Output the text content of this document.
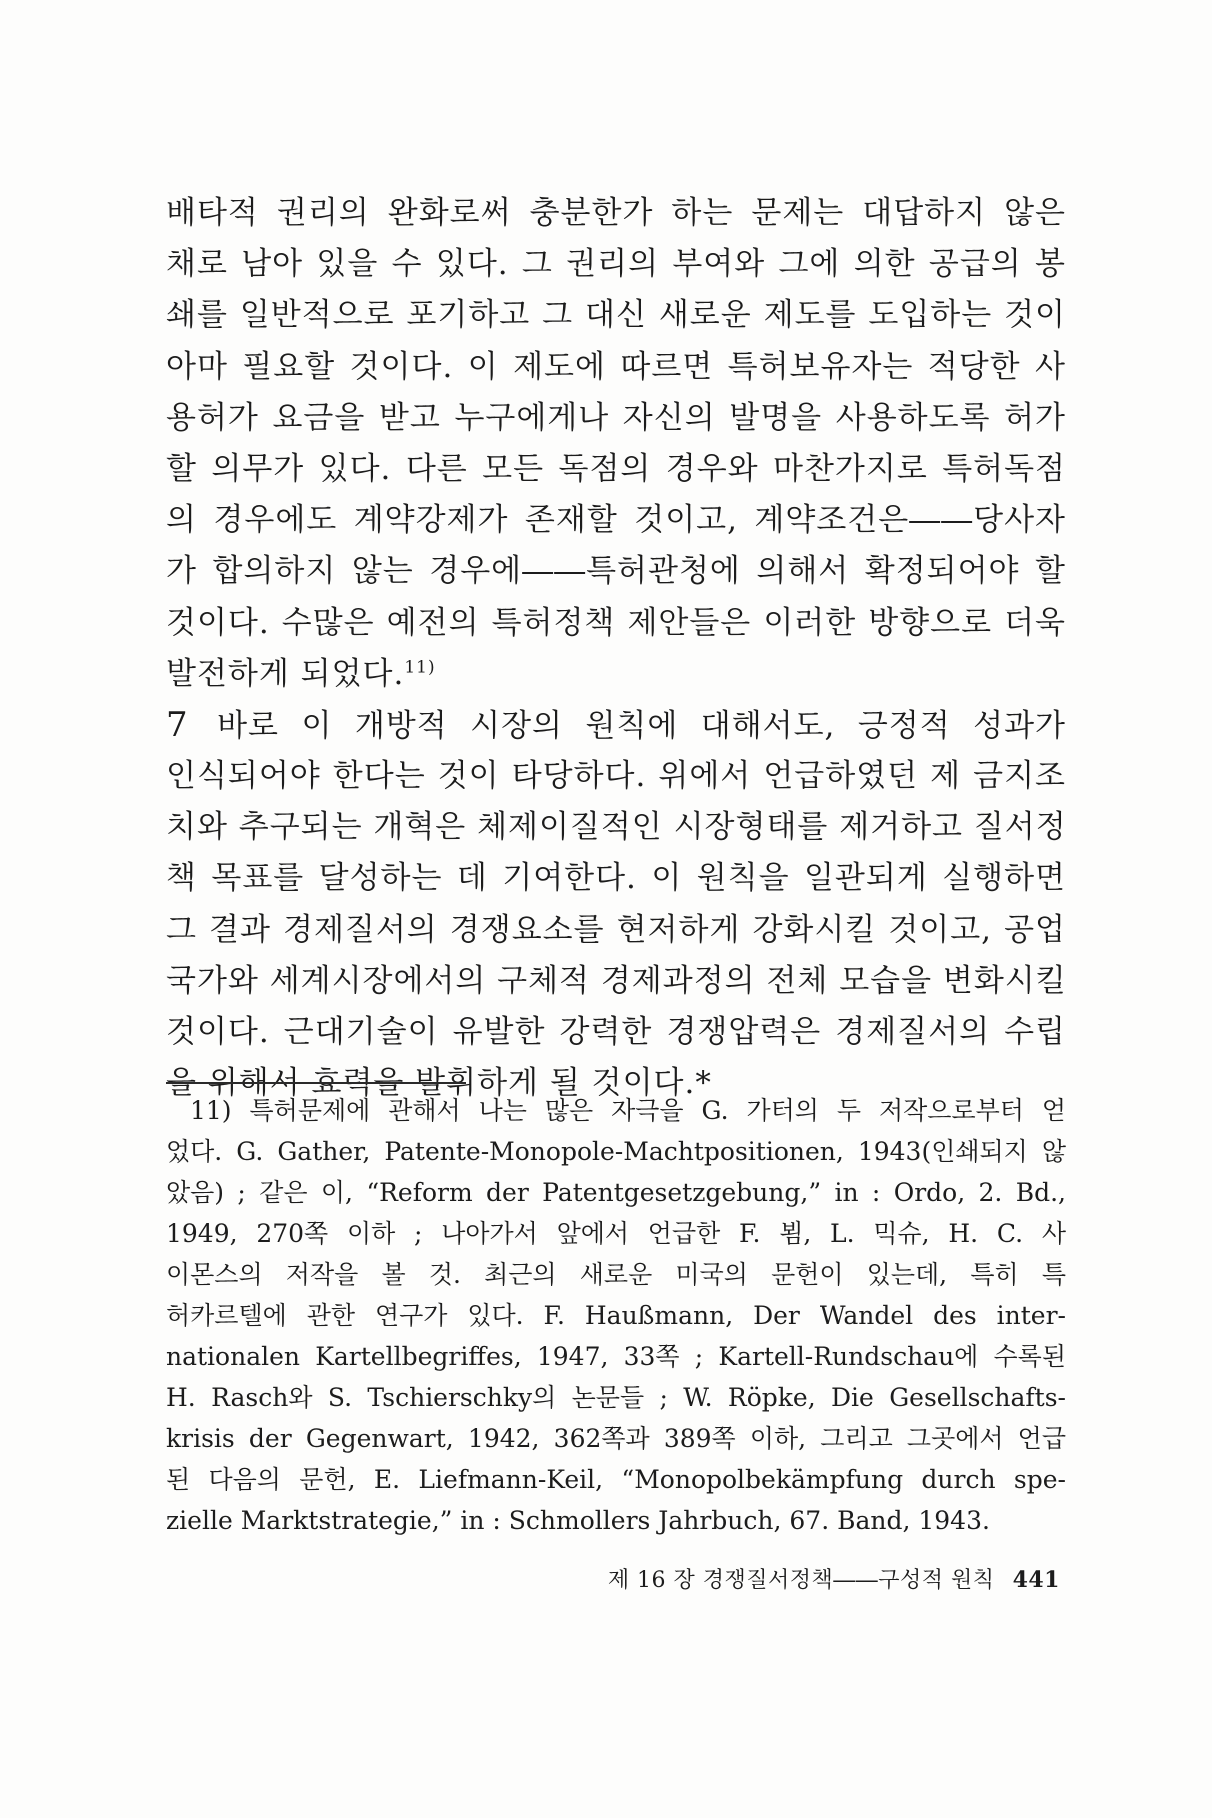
배타적 권리의 완화로써 충분한가 하는 문제는 대답하지 않은
채로 남아 있을 수 있다. 그 권리의 부여와 그에 의한 공급의 봉
쇄를 일반적으로 포기하고 그 대신 새로운 제도를 도입하는 것이
아마 필요할 것이다. 이 제도에 따르면 특허보유자는 적당한 사
용허가 요금을 받고 누구에게나 자신의 발명을 사용하도록 허가
할 의무가 있다. 다른 모든 독점의 경우와 마찬가지로 특허독점
의 경우에도 계약강제가 존재할 것이고, 계약조건은――당사자
가 합의하지 않는 경우에――특허관청에 의해서 확정되어야 할
것이다. 수많은 예전의 특허정책 제안들은 이러한 방향으로 더욱
발전하게 되었다.$^{11)}$
7 바로 이 개방적 시장의 원칙에 대해서도, 긍정적 성과가
인식되어야 한다는 것이 타당하다. 위에서 언급하였던 제 금지조
치와 추구되는 개혁은 체제이질적인 시장형태를 제거하고 질서정
책 목표를 달성하는 데 기여한다. 이 원칙을 일관되게 실행하면
그 결과 경제질서의 경쟁요소를 현저하게 강화시킬 것이고, 공업
국가와 세계시장에서의 구체적 경제과정의 전체 모습을 변화시킬
것이다. 근대기술이 유발한 강력한 경쟁압력은 경제질서의 수립
을 위해서 효력을 발휘하게 될 것이다.*
11) 특허문제에 관해서 나는 많은 자극을 G. 가터의 두 저작으로부터 얻
었다. G. Gather, Patente-Monopole-Machtpositionen, 1943(인쇄되지 않
았음) ; 같은 이, “Reform der Patentgesetzgebung,” in : Ordo, 2. Bd.,
1949, 270쪽 이하 ; 나아가서 앞에서 언급한 F. 뵘, L. 믹슈, H. C. 사
이몬스의 저작을 볼 것. 최근의 새로운 미국의 문헌이 있는데, 특히 특
허카르텔에 관한 연구가 있다. F. Haußmann, Der Wandel des inter-
nationalen Kartellbegriffes, 1947, 33쪽 ; Kartell-Rundschau에 수록된
H. Rasch와 S. Tschierschky의 논문들 ; W. Röpke, Die Gesellschafts-
krisis der Gegenwart, 1942, 362쪽과 389쪽 이하, 그리고 그곳에서 언급
된 다음의 문헌, E. Liefmann-Keil, “Monopolbekämpfung durch spe-
zielle Marktstrategie,” in : Schmollers Jahrbuch, 67. Band, 1943.
제 16 장 경쟁질서정책――구성적 원칙 441
